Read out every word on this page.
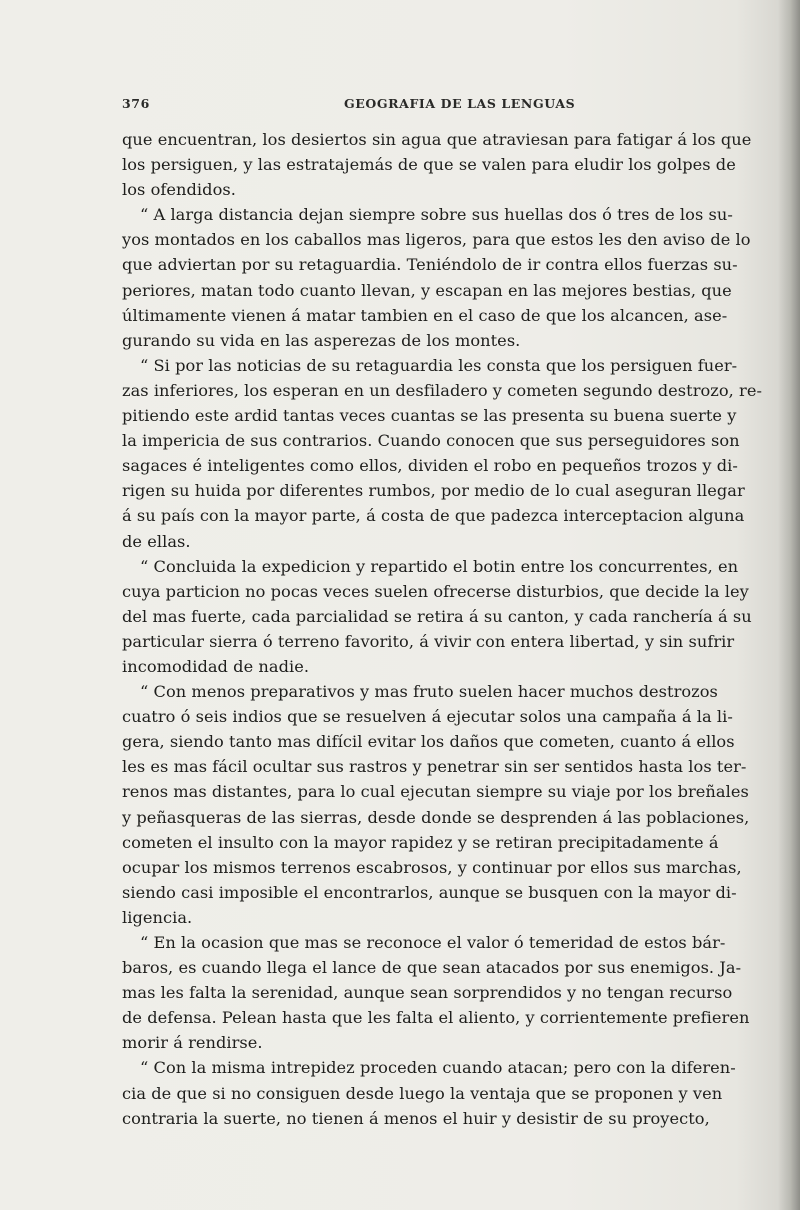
376	GEOGRAFIA DE LAS LENGUAS

que encuentran, los desiertos sin agua que atraviesan para fatigar á los que
los persiguen, y las estratajemás de que se valen para eludir los golpes de
los ofendidos.

“ A larga distancia dejan siempre sobre sus huellas dos ó tres de los su-
yos montados en los caballos mas ligeros, para que estos les den aviso de lo
que adviertan por su retaguardia. Teniéndolo de ir contra ellos fuerzas su-
periores, matan todo cuanto llevan, y escapan en las mejores bestias, que
últimamente vienen á matar tambien en el caso de que los alcancen, ase-
gurando su vida en las asperezas de los montes.

“ Si por las noticias de su retaguardia les consta que los persiguen fuer-
zas inferiores, los esperan en un desfiladero y cometen segundo destrozo, re-
pitiendo este ardid tantas veces cuantas se las presenta su buena suerte y
la impericia de sus contrarios. Cuando conocen que sus perseguidores son
sagaces é inteligentes como ellos, dividen el robo en pequeños trozos y di-
rigen su huida por diferentes rumbos, por medio de lo cual aseguran llegar
á su país con la mayor parte, á costa de que padezca interceptacion alguna
de ellas.

“ Concluida la expedicion y repartido el botin entre los concurrentes, en
cuya particion no pocas veces suelen ofrecerse disturbios, que decide la ley
del mas fuerte, cada parcialidad se retira á su canton, y cada ranchería á su
particular sierra ó terreno favorito, á vivir con entera libertad, y sin sufrir
incomodidad de nadie.

“ Con menos preparativos y mas fruto suelen hacer muchos destrozos
cuatro ó seis indios que se resuelven á ejecutar solos una campaña á la li-
gera, siendo tanto mas difícil evitar los daños que cometen, cuanto á ellos
les es mas fácil ocultar sus rastros y penetrar sin ser sentidos hasta los ter-
renos mas distantes, para lo cual ejecutan siempre su viaje por los breñales
y peñasqueras de las sierras, desde donde se desprenden á las poblaciones,
cometen el insulto con la mayor rapidez y se retiran precipitadamente á
ocupar los mismos terrenos escabrosos, y continuar por ellos sus marchas,
siendo casi imposible el encontrarlos, aunque se busquen con la mayor di-
ligencia.

“ En la ocasion que mas se reconoce el valor ó temeridad de estos bár-
baros, es cuando llega el lance de que sean atacados por sus enemigos. Ja-
mas les falta la serenidad, aunque sean sorprendidos y no tengan recurso
de defensa. Pelean hasta que les falta el aliento, y corrientemente prefieren
morir á rendirse.

“ Con la misma intrepidez proceden cuando atacan; pero con la diferen-
cia de que si no consiguen desde luego la ventaja que se proponen y ven
contraria la suerte, no tienen á menos el huir y desistir de su proyecto,
